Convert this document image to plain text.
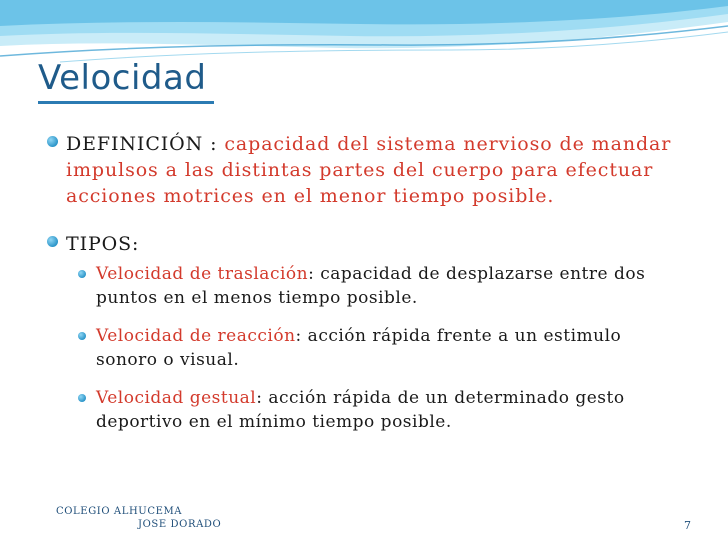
Velocidad
DEFINICIÓN : capacidad del sistema nervioso de mandar
impulsos a las distintas partes del cuerpo para efectuar
acciones motrices en el menor tiempo posible.
TIPOS:
Velocidad de traslación: capacidad de desplazarse entre dos
puntos en el menos tiempo posible.
Velocidad de reacción: acción rápida frente a un estimulo
sonoro o visual.
Velocidad gestual: acción rápida de un determinado gesto
deportivo en el mínimo tiempo posible.
COLEGIO ALHUCEMA
JOSE DORADO	7
